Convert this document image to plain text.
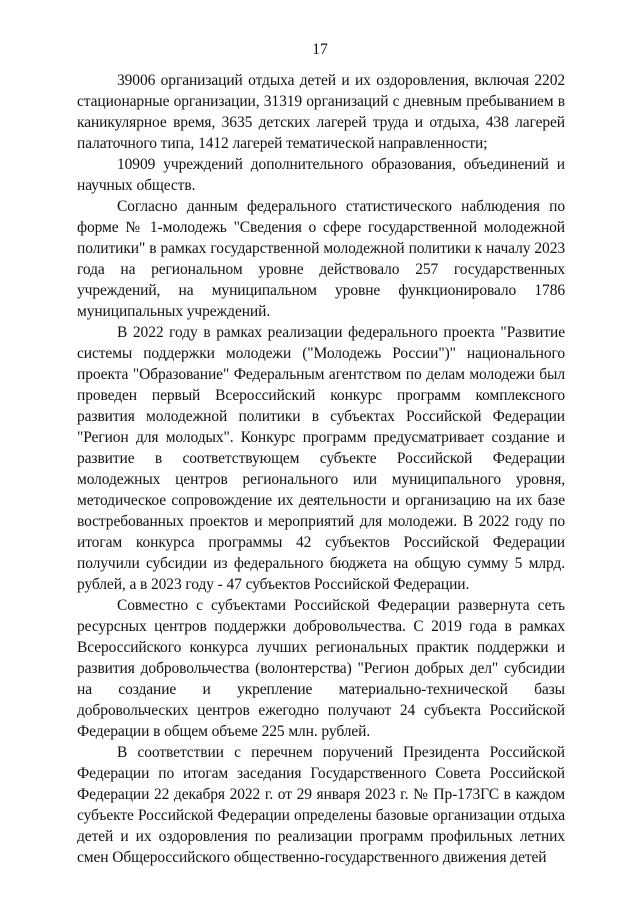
17

39006 организаций отдыха детей и их оздоровления, включая 2202 стационарные организации, 31319 организаций с дневным пребыванием в каникулярное время, 3635 детских лагерей труда и отдыха, 438 лагерей палаточного типа, 1412 лагерей тематической направленности;

10909 учреждений дополнительного образования, объединений и научных обществ.

Согласно данным федерального статистического наблюдения по форме № 1-молодежь "Сведения о сфере государственной молодежной политики" в рамках государственной молодежной политики к началу 2023 года на региональном уровне действовало 257 государственных учреждений, на муниципальном уровне функционировало 1786 муниципальных учреждений.

В 2022 году в рамках реализации федерального проекта "Развитие системы поддержки молодежи ("Молодежь России")" национального проекта "Образование" Федеральным агентством по делам молодежи был проведен первый Всероссийский конкурс программ комплексного развития молодежной политики в субъектах Российской Федерации "Регион для молодых". Конкурс программ предусматривает создание и развитие в соответствующем субъекте Российской Федерации молодежных центров регионального или муниципального уровня, методическое сопровождение их деятельности и организацию на их базе востребованных проектов и мероприятий для молодежи. В 2022 году по итогам конкурса программы 42 субъектов Российской Федерации получили субсидии из федерального бюджета на общую сумму 5 млрд. рублей, а в 2023 году - 47 субъектов Российской Федерации.

Совместно с субъектами Российской Федерации развернута сеть ресурсных центров поддержки добровольчества. С 2019 года в рамках Всероссийского конкурса лучших региональных практик поддержки и развития добровольчества (волонтерства) "Регион добрых дел" субсидии на создание и укрепление материально-технической базы добровольческих центров ежегодно получают 24 субъекта Российской Федерации в общем объеме 225 млн. рублей.

В соответствии с перечнем поручений Президента Российской Федерации по итогам заседания Государственного Совета Российской Федерации 22 декабря 2022 г. от 29 января 2023 г. № Пр-173ГС в каждом субъекте Российской Федерации определены базовые организации отдыха детей и их оздоровления по реализации программ профильных летних смен Общероссийского общественно-государственного движения детей
